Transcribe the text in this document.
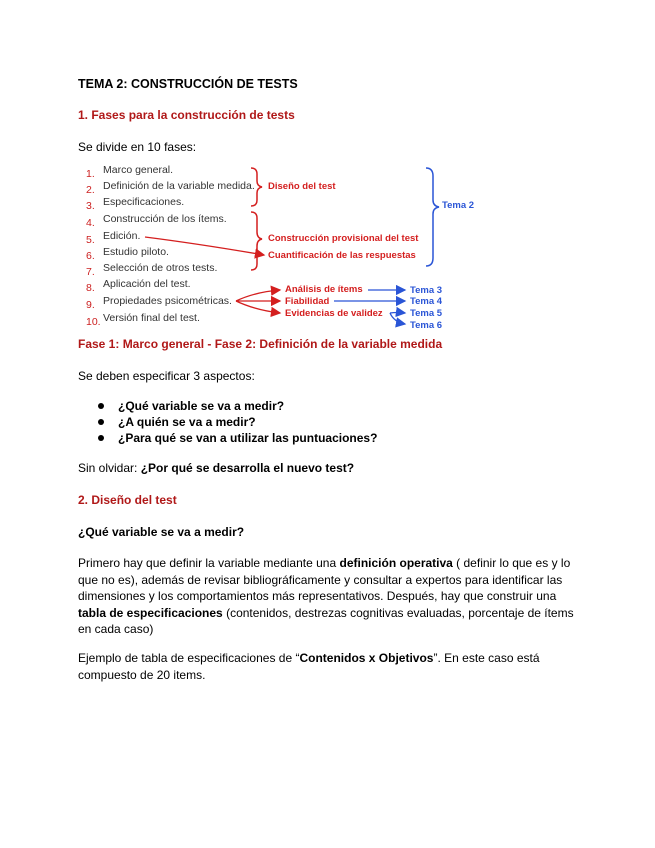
TEMA 2: CONSTRUCCIÓN DE TESTS
1. Fases para la construcción de tests
Se divide en 10 fases:
1. Marco general.
2. Definición de la variable medida.
3. Especificaciones.
4. Construcción de los ítems.
5. Edición.
6. Estudio piloto.
7. Selección de otros tests.
8. Aplicación del test.
9. Propiedades psicométricas.
10. Versión final del test.
Diseño del test
Construcción provisional del test
Cuantificación de las respuestas
Tema 2
Análisis de ítems
Fiabilidad
Evidencias de validez
Tema 3
Tema 4
Tema 5
Tema 6
Fase 1: Marco general - Fase 2: Definición de la variable medida
Se deben especificar 3 aspectos:
¿Qué variable se va a medir?
¿A quién se va a medir?
¿Para qué se van a utilizar las puntuaciones?
Sin olvidar: ¿Por qué se desarrolla el nuevo test?
2. Diseño del test
¿Qué variable se va a medir?
Primero hay que definir la variable mediante una definición operativa ( definir lo que es y lo que no es), además de revisar bibliográficamente y consultar a expertos para identificar las dimensiones y los comportamientos más representativos. Después, hay que construir una tabla de especificaciones (contenidos, destrezas cognitivas evaluadas, porcentaje de ítems en cada caso)
Ejemplo de tabla de especificaciones de “Contenidos x Objetivos”. En este caso está compuesto de 20 items.
